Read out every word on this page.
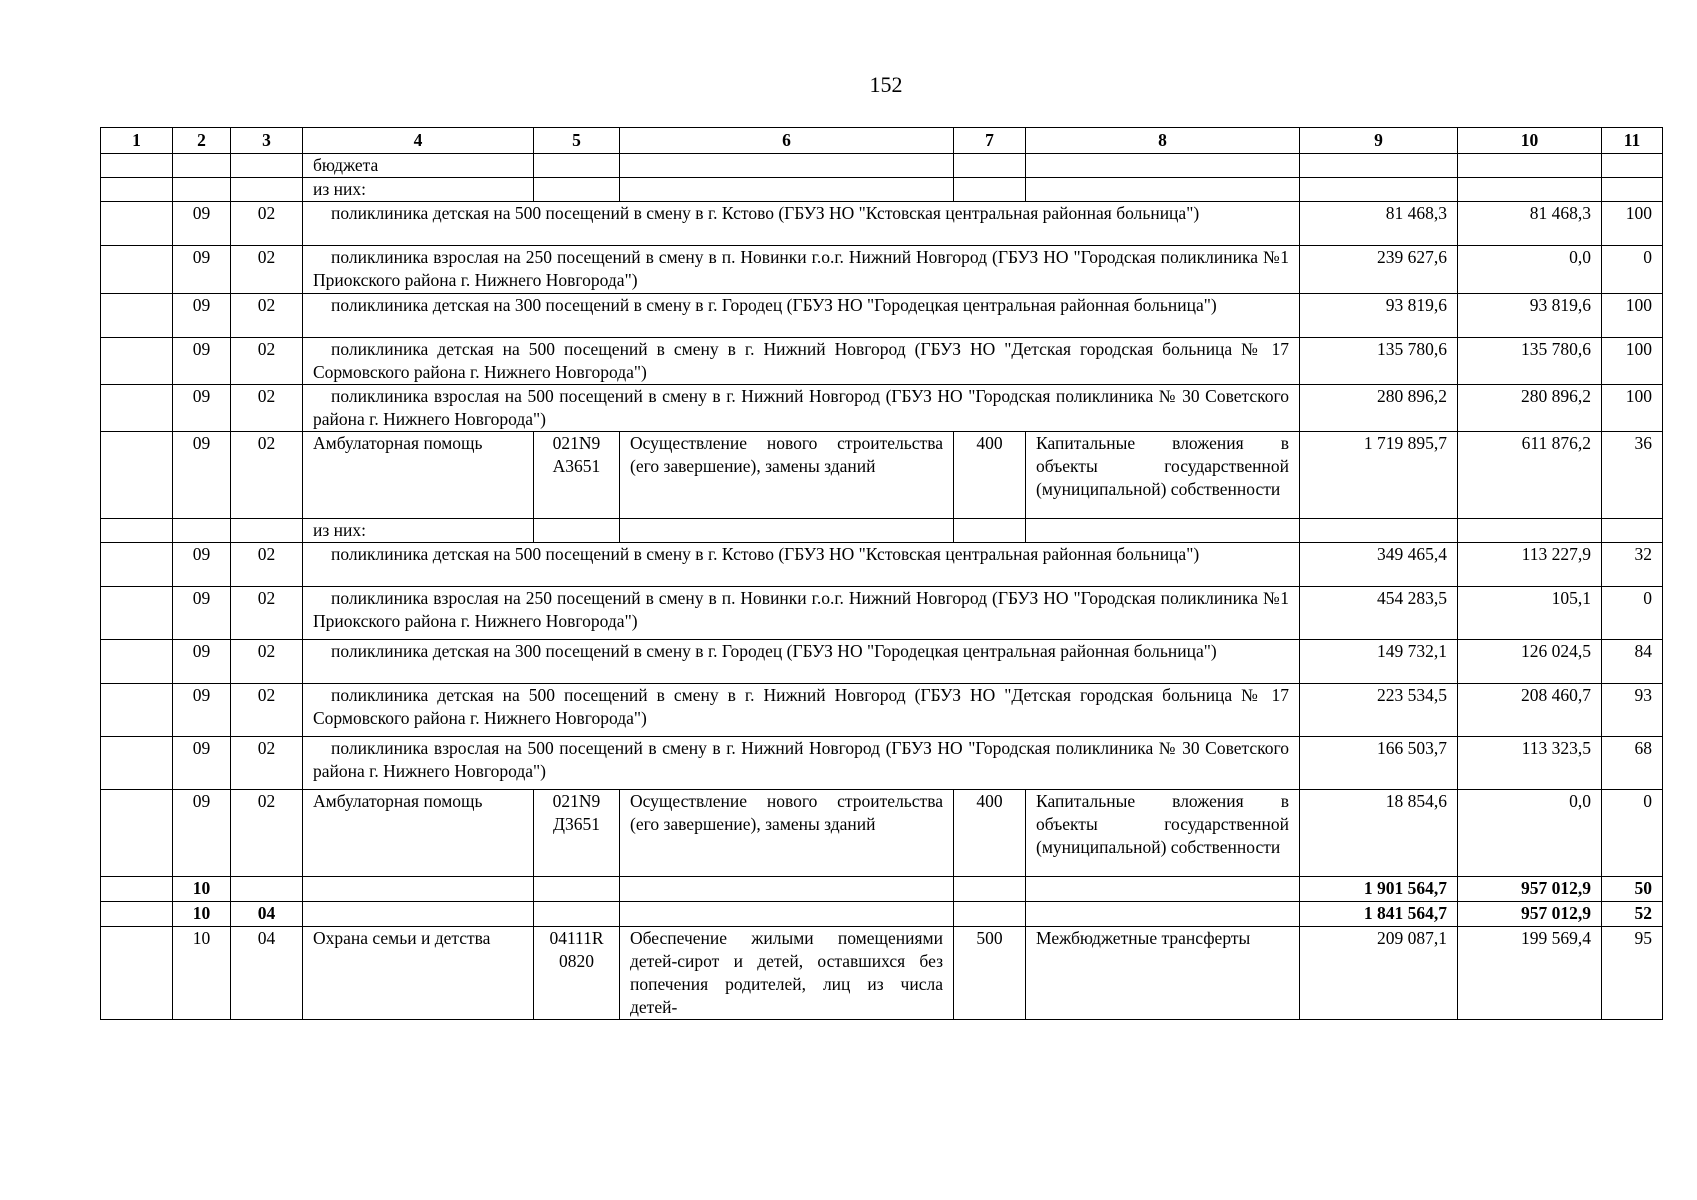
152
1	2	3	4	5	6	7	8	9	10	11
			бюджета							
			из них:							
	09	02	поликлиника детская на 500 посещений в смену в г. Кстово (ГБУЗ НО "Кстовская центральная районная больница")					81 468,3	81 468,3	100
	09	02	поликлиника взрослая на 250 посещений в смену в п. Новинки г.о.г. Нижний Новгород (ГБУЗ НО "Городская поликлиника №1 Приокского района г. Нижнего Новгорода")					239 627,6	0,0	0
	09	02	поликлиника детская на 300 посещений в смену в г. Городец (ГБУЗ НО "Городецкая центральная районная больница")					93 819,6	93 819,6	100
	09	02	поликлиника детская на 500 посещений в смену в г. Нижний Новгород (ГБУЗ НО "Детская городская больница № 17 Сормовского района г. Нижнего Новгорода")					135 780,6	135 780,6	100
	09	02	поликлиника взрослая на 500 посещений в смену в г. Нижний Новгород (ГБУЗ НО "Городская поликлиника № 30 Советского района г. Нижнего Новгорода")					280 896,2	280 896,2	100
	09	02	Амбулаторная помощь	021N9 А3651	Осуществление нового строительства (его завершение), замены зданий	400	Капитальные вложения в объекты государственной (муниципальной) собственности	1 719 895,7	611 876,2	36
			из них:							
	09	02	поликлиника детская на 500 посещений в смену в г. Кстово (ГБУЗ НО "Кстовская центральная районная больница")					349 465,4	113 227,9	32
	09	02	поликлиника взрослая на 250 посещений в смену в п. Новинки г.о.г. Нижний Новгород (ГБУЗ НО "Городская поликлиника №1 Приокского района г. Нижнего Новгорода")					454 283,5	105,1	0
	09	02	поликлиника детская на 300 посещений в смену в г. Городец (ГБУЗ НО "Городецкая центральная районная больница")					149 732,1	126 024,5	84
	09	02	поликлиника детская на 500 посещений в смену в г. Нижний Новгород (ГБУЗ НО "Детская городская больница № 17 Сормовского района г. Нижнего Новгорода")					223 534,5	208 460,7	93
	09	02	поликлиника взрослая на 500 посещений в смену в г. Нижний Новгород (ГБУЗ НО "Городская поликлиника № 30 Советского района г. Нижнего Новгорода")					166 503,7	113 323,5	68
	09	02	Амбулаторная помощь	021N9 Д3651	Осуществление нового строительства (его завершение), замены зданий	400	Капитальные вложения в объекты государственной (муниципальной) собственности	18 854,6	0,0	0
	10							1 901 564,7	957 012,9	50
	10	04						1 841 564,7	957 012,9	52
	10	04	Охрана семьи и детства	04111R 0820	Обеспечение жилыми помещениями детей-сирот и детей, оставшихся без попечения родителей, лиц из числа детей-	500	Межбюджетные трансферты	209 087,1	199 569,4	95
